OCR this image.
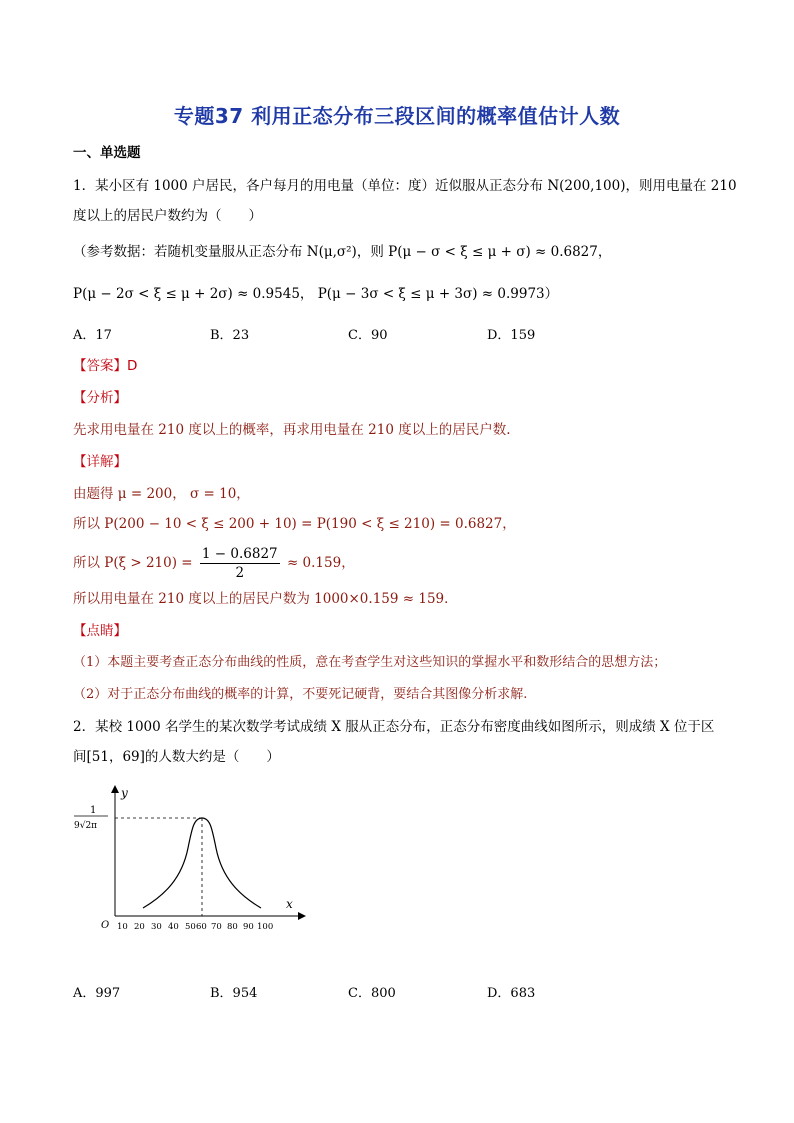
专题37 利用正态分布三段区间的概率值估计人数
一、单选题
1．某小区有 1000 户居民，各户每月的用电量（单位：度）近似服从正态分布 N(200,100)，则用电量在 210
度以上的居民户数约为（　　）
（参考数据：若随机变量服从正态分布 N(μ,σ²)，则 P(μ − σ < ξ ≤ μ + σ) ≈ 0.6827，
P(μ − 2σ < ξ ≤ μ + 2σ) ≈ 0.9545， P(μ − 3σ < ξ ≤ μ + 3σ) ≈ 0.9973）
A．17	B．23	C．90	D．159
【答案】D
【分析】
先求用电量在 210 度以上的概率，再求用电量在 210 度以上的居民户数.
【详解】
由题得 μ = 200， σ = 10，
所以 P(200 − 10 < ξ ≤ 200 + 10) = P(190 < ξ ≤ 210) = 0.6827，
所以 $P(\xi > 210) = \frac{1 - 0.6827}{2} \approx 0.159$，
所以用电量在 210 度以上的居民户数为 1000×0.159 ≈ 159．
【点睛】
（1）本题主要考查正态分布曲线的性质，意在考查学生对这些知识的掌握水平和数形结合的思想方法；
（2）对于正态分布曲线的概率的计算，不要死记硬背，要结合其图像分析求解.
2．某校 1000 名学生的某次数学考试成绩 X 服从正态分布，正态分布密度曲线如图所示，则成绩 X 位于区
间[51，69]的人数大约是（　　）
y
x
O
1
9√2π
10 20 30 40 50 60 70 80 90 100
A．997	B．954	C．800	D．683
